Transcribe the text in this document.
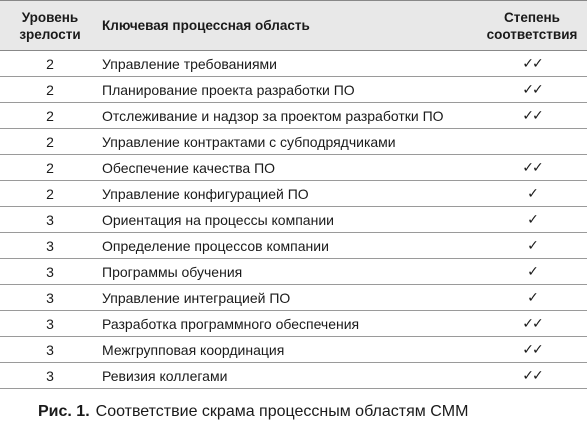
Уровень
зрелости	Ключевая процессная область	Степень
соответствия
2	Управление требованиями	✓✓
2	Планирование проекта разработки ПО	✓✓
2	Отслеживание и надзор за проектом разработки ПО	✓✓
2	Управление контрактами с субподрядчиками	
2	Обеспечение качества ПО	✓✓
2	Управление конфигурацией ПО	✓
3	Ориентация на процессы компании	✓
3	Определение процессов компании	✓
3	Программы обучения	✓
3	Управление интеграцией ПО	✓
3	Разработка программного обеспечения	✓✓
3	Межгрупповая координация	✓✓
3	Ревизия коллегами	✓✓
Рис. 1. Соответствие скрама процессным областям CMM
